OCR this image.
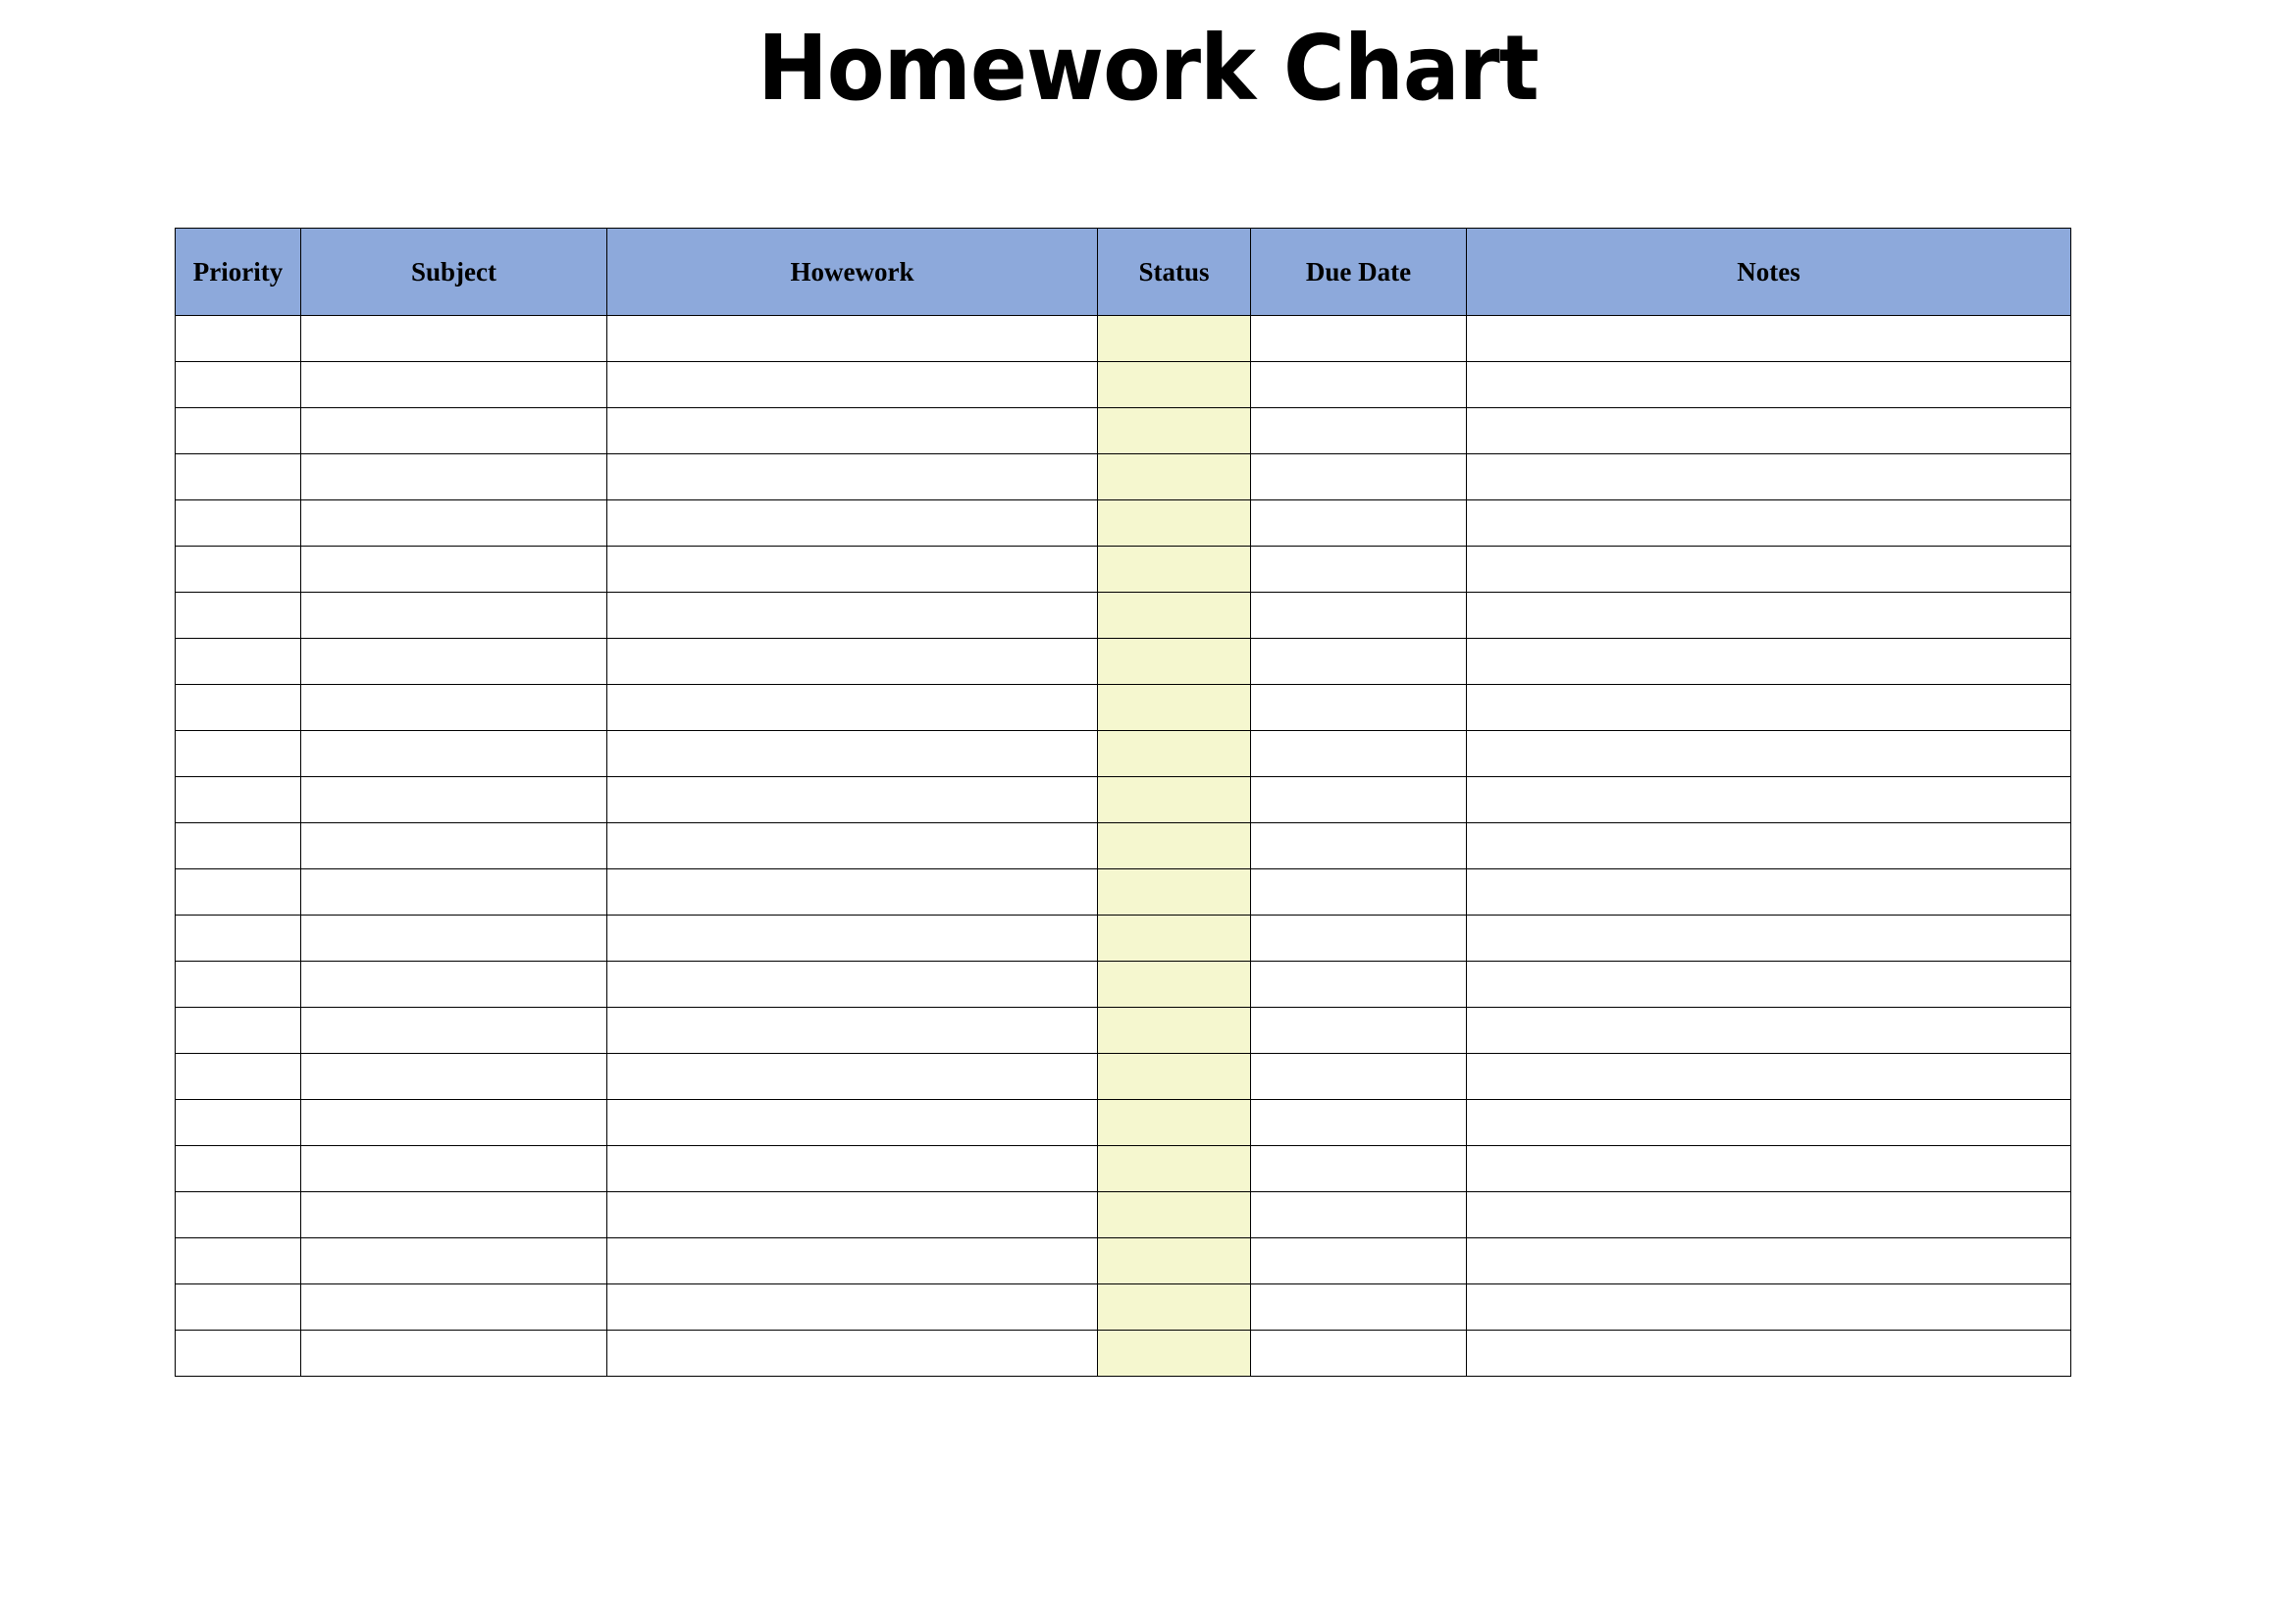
Homework Chart
Priority	Subject	Howework	Status	Due Date	Notes
